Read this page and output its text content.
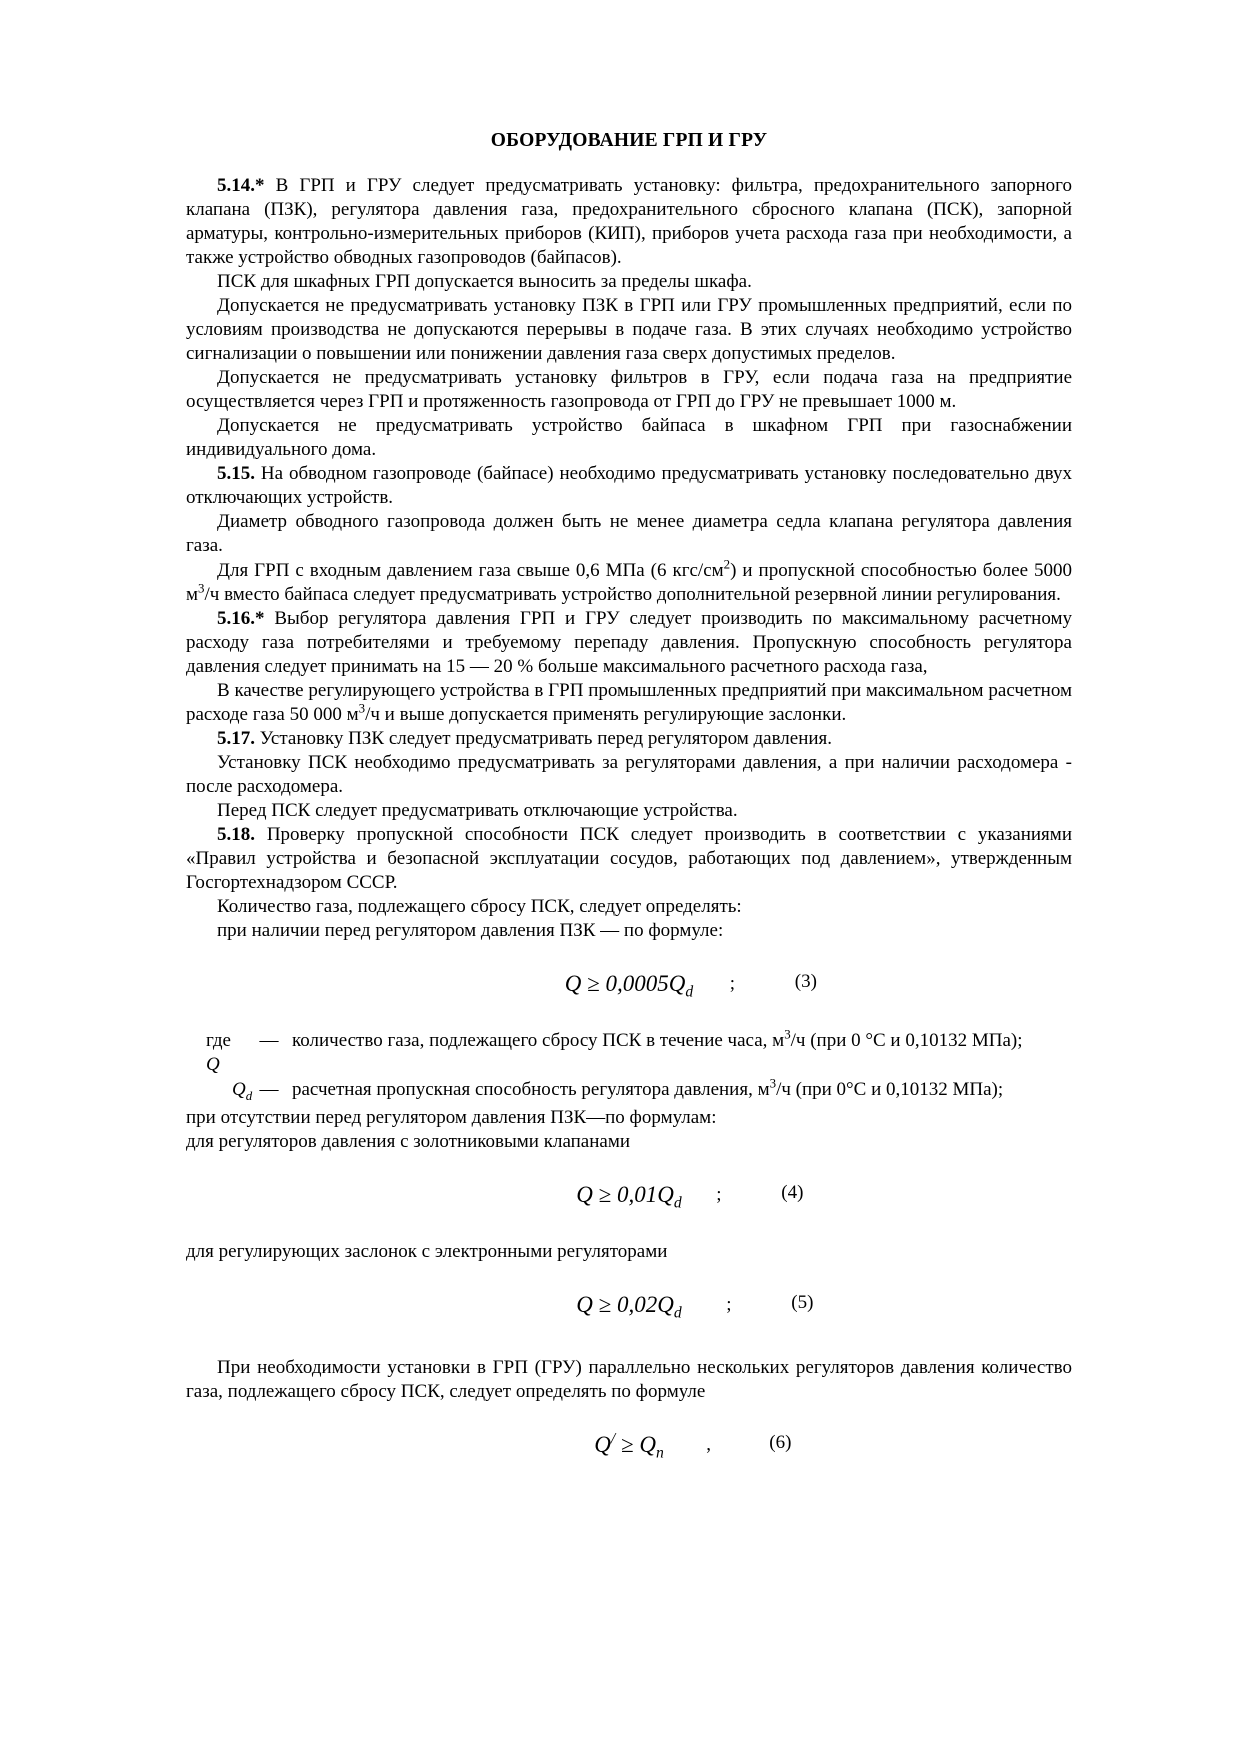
ОБОРУДОВАНИЕ ГРП И ГРУ

5.14.* В ГРП и ГРУ следует предусматривать установку: фильтра, предохранительного запорного клапана (ПЗК), регулятора давления газа, предохранительного сбросного клапана (ПСК), запорной арматуры, контрольно-измерительных приборов (КИП), приборов учета расхода газа при необходимости, а также устройство обводных газопроводов (байпасов).

ПСК для шкафных ГРП допускается выносить за пределы шкафа.

Допускается не предусматривать установку ПЗК в ГРП или ГРУ промышленных предприятий, если по условиям производства не допускаются перерывы в подаче газа. В этих случаях необходимо устройство сигнализации о повышении или понижении давления газа сверх допустимых пределов.

Допускается не предусматривать установку фильтров в ГРУ, если подача газа на предприятие осуществляется через ГРП и протяженность газопровода от ГРП до ГРУ не превышает 1000 м.

Допускается не предусматривать устройство байпаса в шкафном ГРП при газоснабжении индивидуального дома.

5.15. На обводном газопроводе (байпасе) необходимо предусматривать установку последовательно двух отключающих устройств.

Диаметр обводного газопровода должен быть не менее диаметра седла клапана регулятора давления газа.

Для ГРП с входным давлением газа свыше 0,6 МПа (6 кгс/$см^2$) и пропускной способностью более 5000 $м^3/ч$ вместо байпаса следует предусматривать устройство дополнительной резервной линии регулирования.

5.16.* Выбор регулятора давления ГРП и ГРУ следует производить по максимальному расчетному расходу газа потребителями и требуемому перепаду давления. Пропускную способность регулятора давления следует принимать на 15 — 20 % больше максимального расчетного расхода газа,

В качестве регулирующего устройства в ГРП промышленных предприятий при максимальном расчетном расходе газа 50 000 $м^3/ч$ и выше допускается применять регулирующие заслонки.

5.17. Установку ПЗК следует предусматривать перед регулятором давления.

Установку ПСК необходимо предусматривать за регуляторами давления, а при наличии расходомера - после расходомера.

Перед ПСК следует предусматривать отключающие устройства.

5.18. Проверку пропускной способности ПСК следует производить в соответствии с указаниями «Правил устройства и безопасной эксплуатации сосудов, работающих под давлением», утвержденным Госгортехнадзором СССР.

Количество газа, подлежащего сбросу ПСК, следует определять:

при наличии перед регулятором давления ПЗК — по формуле:

$Q \ge 0,0005Q_d$ ;	(3)
где Q
— количество газа, подлежащего сбросу ПСК в течение часа, $м^3/ч$ (при 0 °С и 0,10132 МПа);
$Q_d$ — расчетная пропускная способность регулятора давления, $м^3/ч$ (при 0°С и 0,10132 МПа);

при отсутствии перед регулятором давления ПЗК—по формулам:

для регуляторов давления с золотниковыми клапанами

$Q \ge 0,01Q_d$ ;	(4)

для регулирующих заслонок с электронными регуляторами

$Q \ge 0,02Q_d$ ;	(5)

При необходимости установки в ГРП (ГРУ) параллельно нескольких регуляторов давления количество газа, подлежащего сбросу ПСК, следует определять по формуле

$Q^/ \ge Q_n$ ,	(6)
